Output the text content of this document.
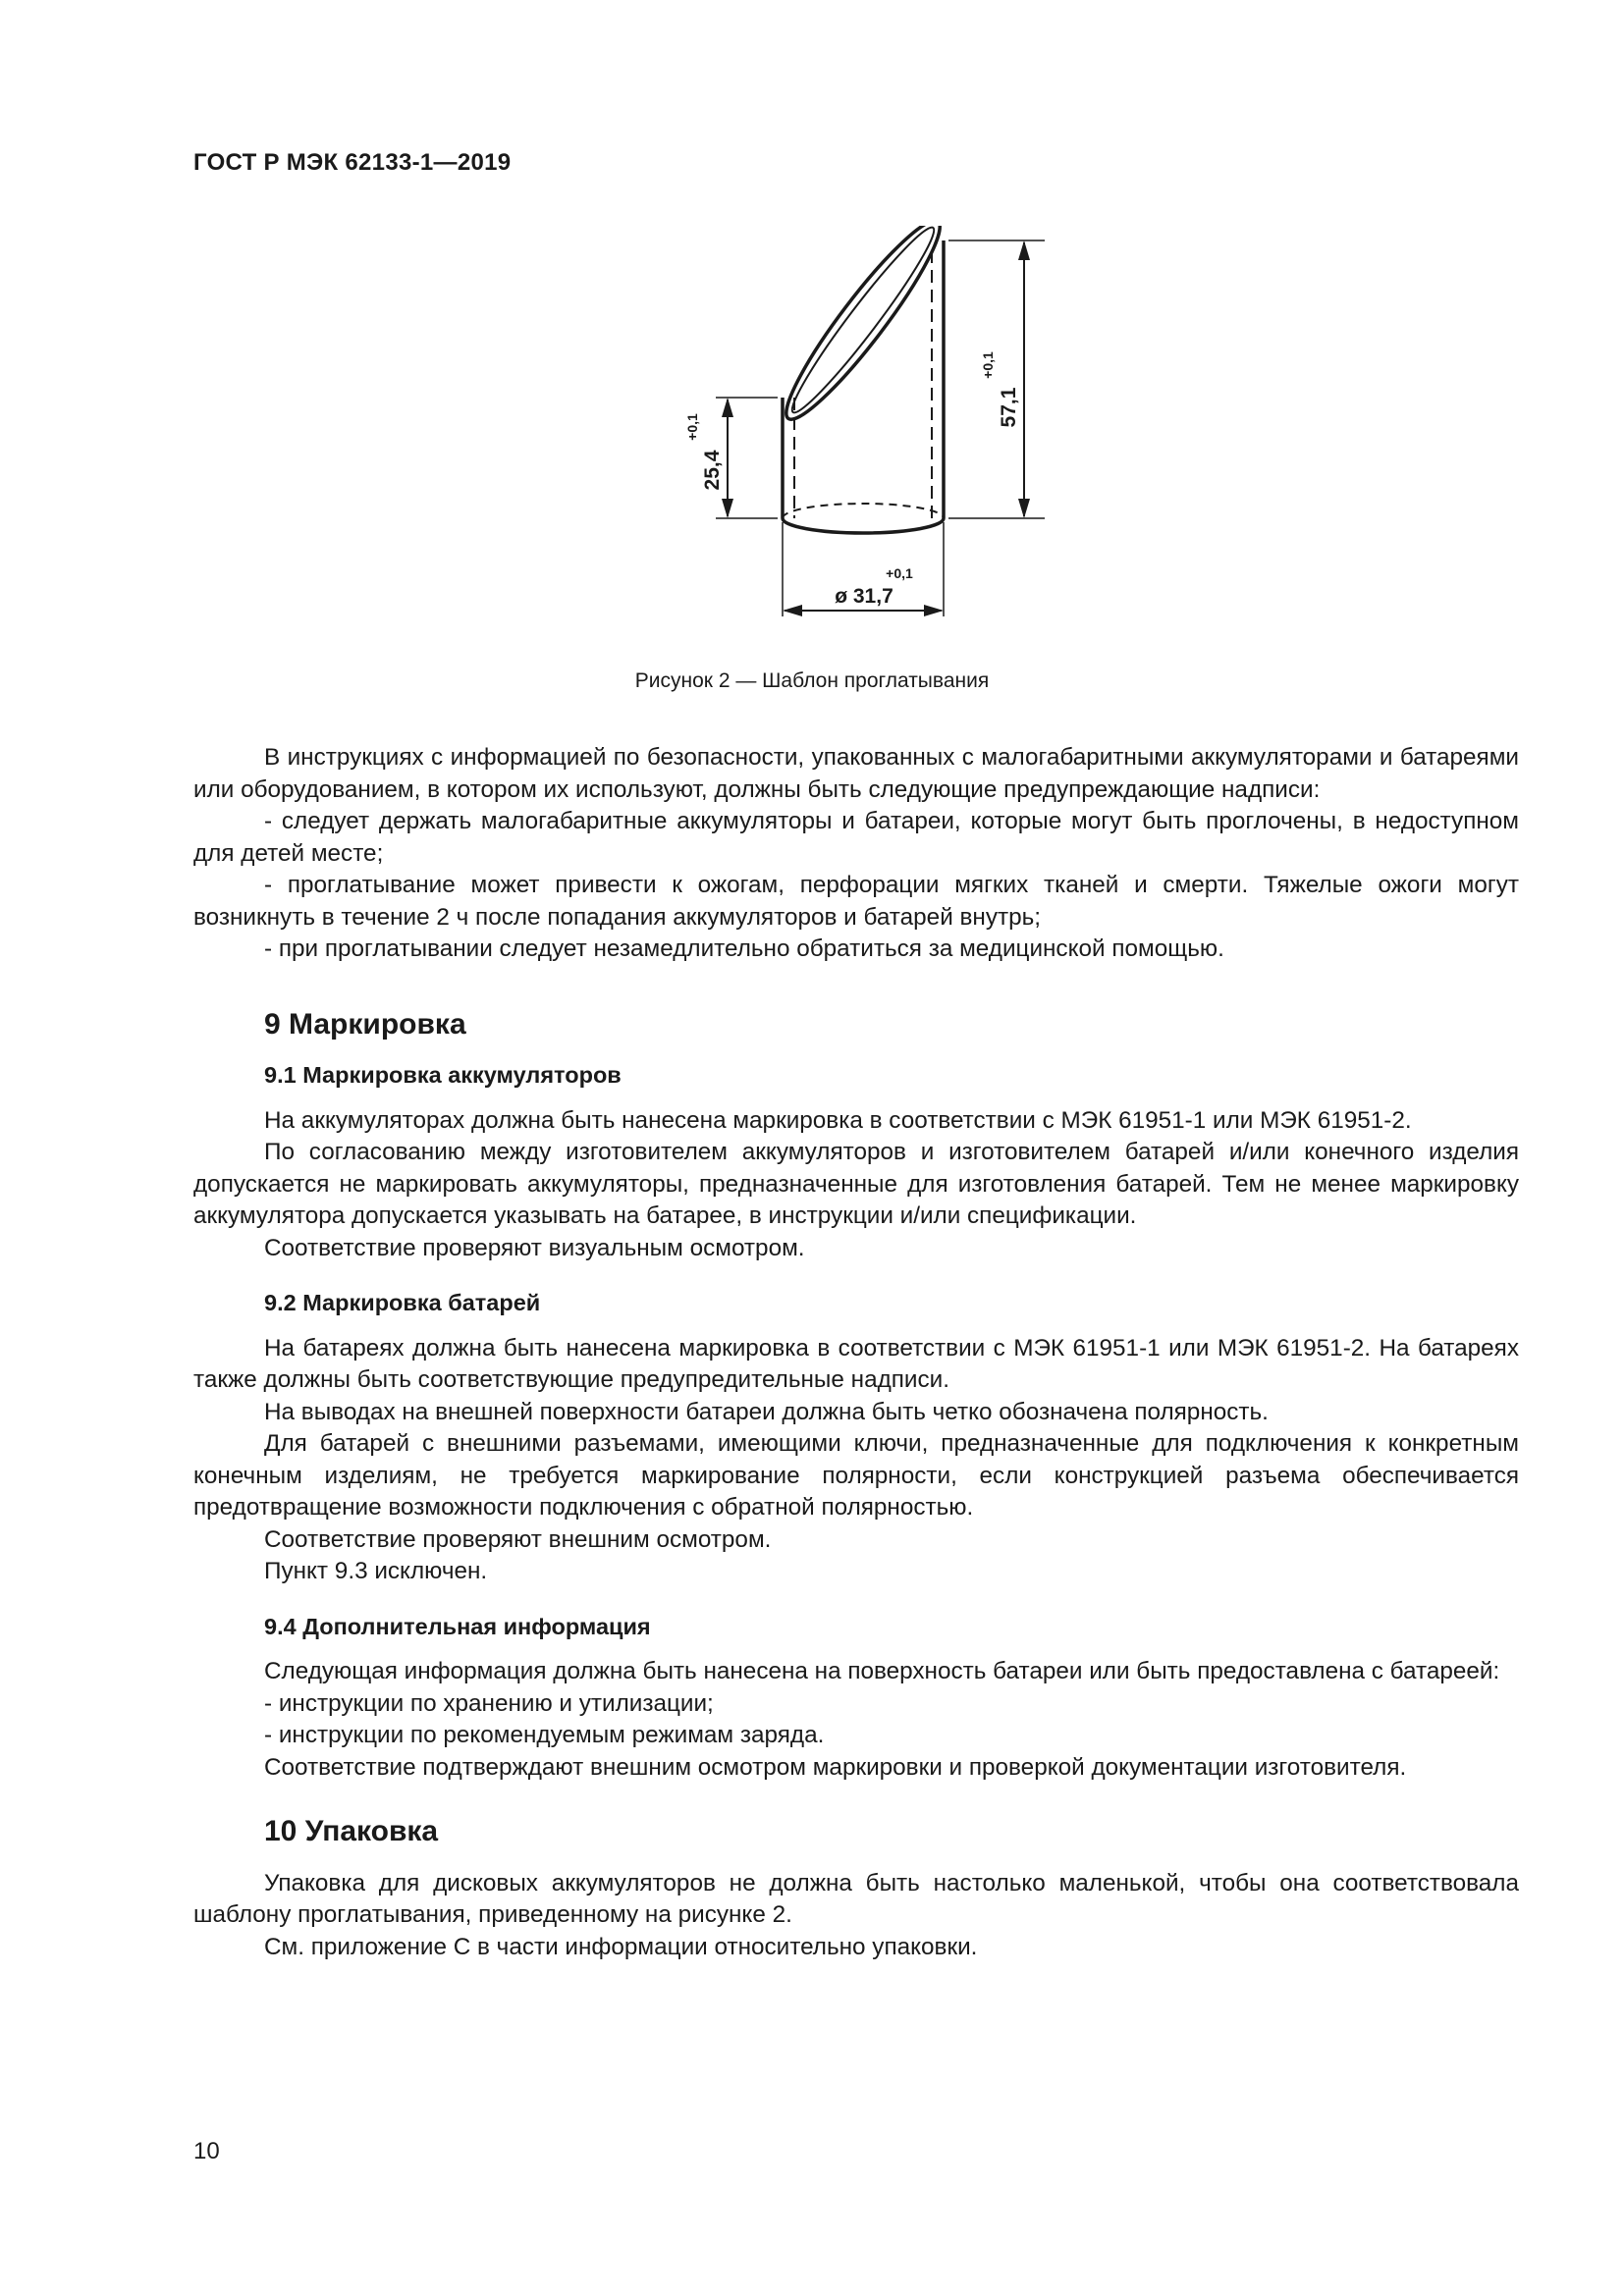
ГОСТ Р МЭК 62133-1—2019
57,1
+0,1
25,4
+0,1
ø 31,7
+0,1
Рисунок 2 — Шаблон проглатывания

В инструкциях с информацией по безопасности, упакованных с малогабаритными аккумуляторами и батареями или оборудованием, в котором их используют, должны быть следующие предупреждающие надписи:

- следует держать малогабаритные аккумуляторы и батареи, которые могут быть проглочены, в недоступном для детей месте;

- проглатывание может привести к ожогам, перфорации мягких тканей и смерти. Тяжелые ожоги могут возникнуть в течение 2 ч после попадания аккумуляторов и батарей внутрь;

- при проглатывании следует незамедлительно обратиться за медицинской помощью.

9 Маркировка
9.1 Маркировка аккумуляторов

На аккумуляторах должна быть нанесена маркировка в соответствии с МЭК 61951-1 или МЭК 61951-2.

По согласованию между изготовителем аккумуляторов и изготовителем батарей и/или конечного изделия допускается не маркировать аккумуляторы, предназначенные для изготовления батарей. Тем не менее маркировку аккумулятора допускается указывать на батарее, в инструкции и/или спецификации.

Соответствие проверяют визуальным осмотром.

9.2 Маркировка батарей

На батареях должна быть нанесена маркировка в соответствии с МЭК 61951-1 или МЭК 61951-2. На батареях также должны быть соответствующие предупредительные надписи.

На выводах на внешней поверхности батареи должна быть четко обозначена полярность.

Для батарей с внешними разъемами, имеющими ключи, предназначенные для подключения к конкретным конечным изделиям, не требуется маркирование полярности, если конструкцией разъема обеспечивается предотвращение возможности подключения с обратной полярностью.

Соответствие проверяют внешним осмотром.

Пункт 9.3 исключен.

9.4 Дополнительная информация

Следующая информация должна быть нанесена на поверхность батареи или быть предоставлена с батареей:

- инструкции по хранению и утилизации;

- инструкции по рекомендуемым режимам заряда.

Соответствие подтверждают внешним осмотром маркировки и проверкой документации изготовителя.

10 Упаковка

Упаковка для дисковых аккумуляторов не должна быть настолько маленькой, чтобы она соответствовала шаблону проглатывания, приведенному на рисунке 2.

См. приложение С в части информации относительно упаковки.

10
